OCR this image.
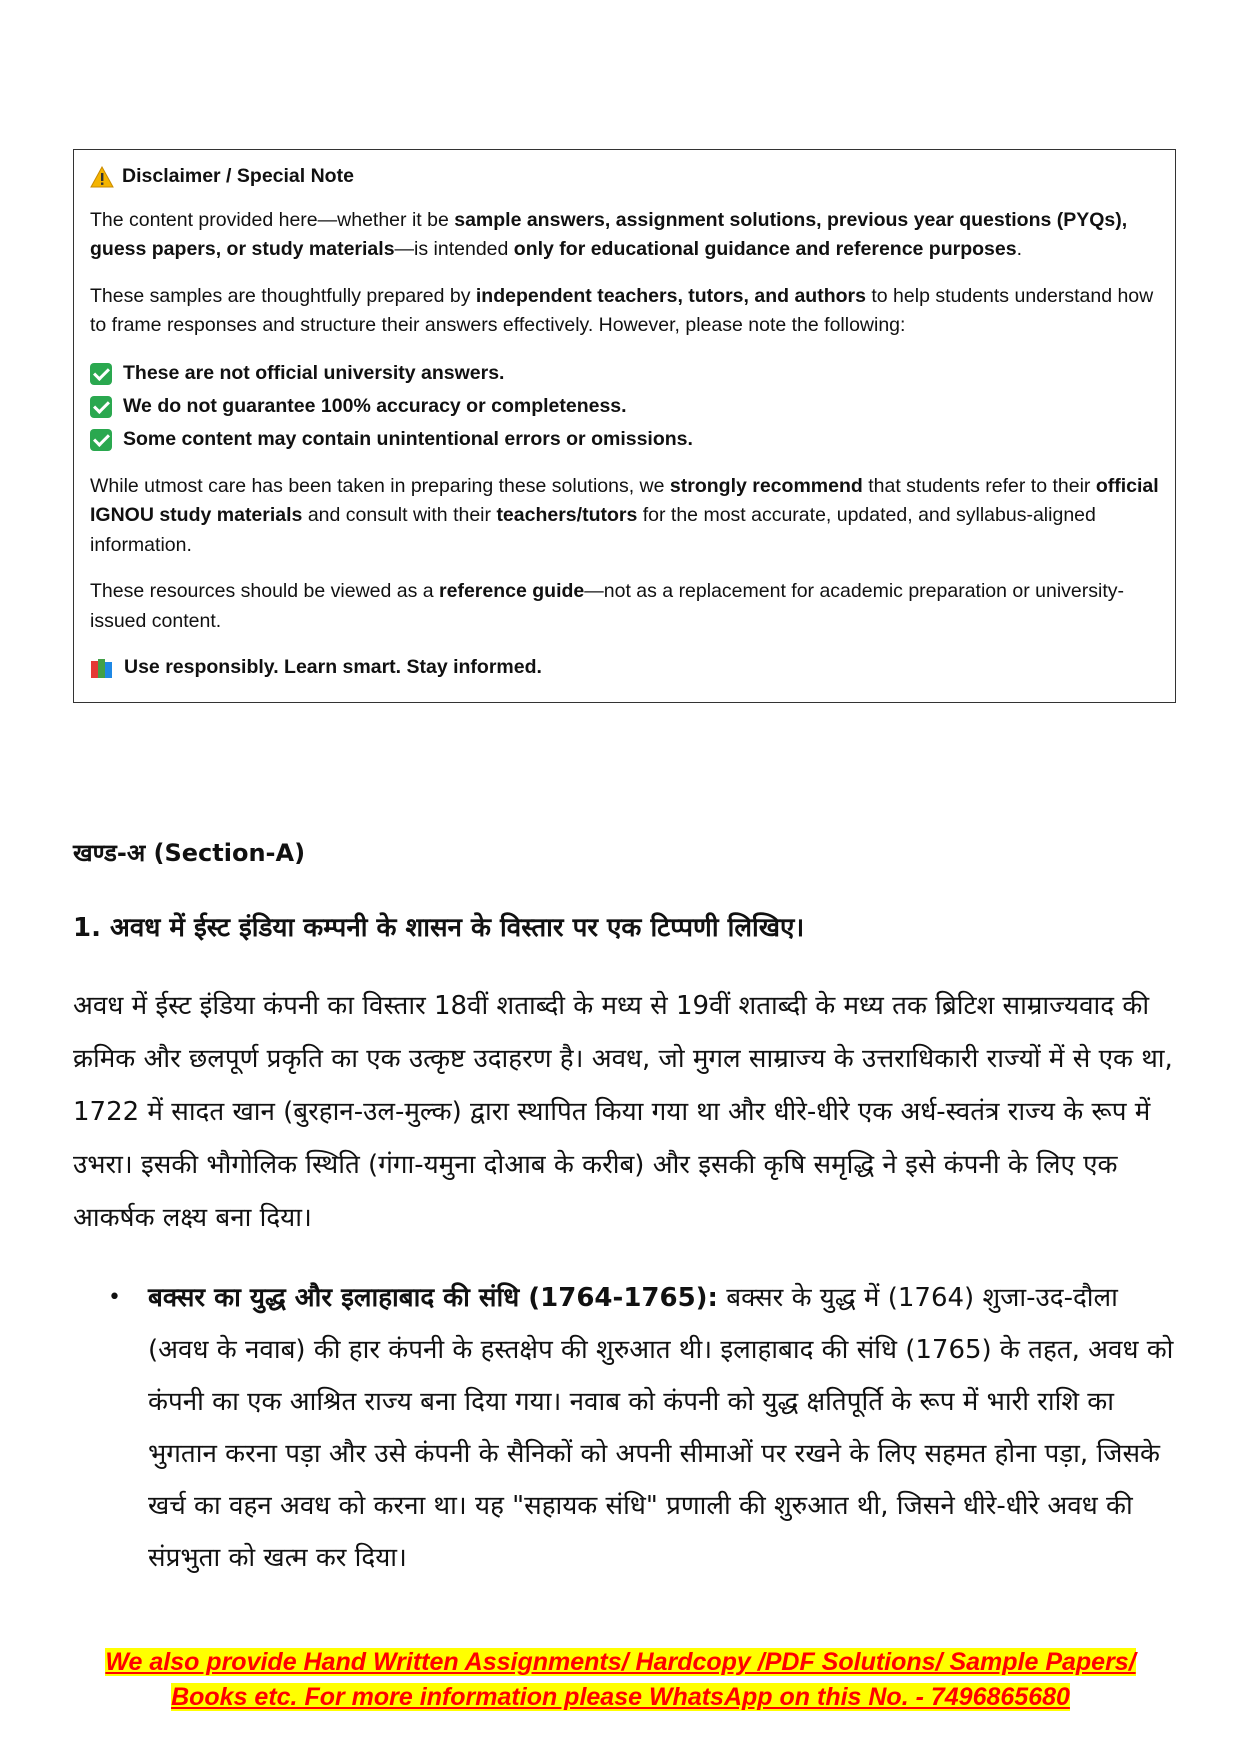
Disclaimer / Special Note

The content provided here—whether it be sample answers, assignment solutions, previous year questions (PYQs), guess papers, or study materials—is intended only for educational guidance and reference purposes.

These samples are thoughtfully prepared by independent teachers, tutors, and authors to help students understand how to frame responses and structure their answers effectively. However, please note the following:

These are not official university answers.
We do not guarantee 100% accuracy or completeness.
Some content may contain unintentional errors or omissions.

While utmost care has been taken in preparing these solutions, we strongly recommend that students refer to their official IGNOU study materials and consult with their teachers/tutors for the most accurate, updated, and syllabus-aligned information.

These resources should be viewed as a reference guide—not as a replacement for academic preparation or university-issued content.

Use responsibly. Learn smart. Stay informed.
खण्ड-अ (Section-A)
1. अवध में ईस्ट इंडिया कम्पनी के शासन के विस्तार पर एक टिप्पणी लिखिए।

अवध में ईस्ट इंडिया कंपनी का विस्तार 18वीं शताब्दी के मध्य से 19वीं शताब्दी के मध्य तक ब्रिटिश साम्राज्यवाद की क्रमिक और छलपूर्ण प्रकृति का एक उत्कृष्ट उदाहरण है। अवध, जो मुगल साम्राज्य के उत्तराधिकारी राज्यों में से एक था, 1722 में सादत खान (बुरहान-उल-मुल्क) द्वारा स्थापित किया गया था और धीरे-धीरे एक अर्ध-स्वतंत्र राज्य के रूप में उभरा। इसकी भौगोलिक स्थिति (गंगा-यमुना दोआब के करीब) और इसकी कृषि समृद्धि ने इसे कंपनी के लिए एक आकर्षक लक्ष्य बना दिया।

•	बक्सर का युद्ध और इलाहाबाद की संधि (1764-1765): बक्सर के युद्ध में (1764) शुजा-उद-दौला (अवध के नवाब) की हार कंपनी के हस्तक्षेप की शुरुआत थी। इलाहाबाद की संधि (1765) के तहत, अवध को कंपनी का एक आश्रित राज्य बना दिया गया। नवाब को कंपनी को युद्ध क्षतिपूर्ति के रूप में भारी राशि का भुगतान करना पड़ा और उसे कंपनी के सैनिकों को अपनी सीमाओं पर रखने के लिए सहमत होना पड़ा, जिसके खर्च का वहन अवध को करना था। यह "सहायक संधि" प्रणाली की शुरुआत थी, जिसने धीरे-धीरे अवध की संप्रभुता को खत्म कर दिया।

We also provide Hand Written Assignments/ Hardcopy /PDF Solutions/ Sample Papers/
Books etc. For more information please WhatsApp on this No. - 7496865680
